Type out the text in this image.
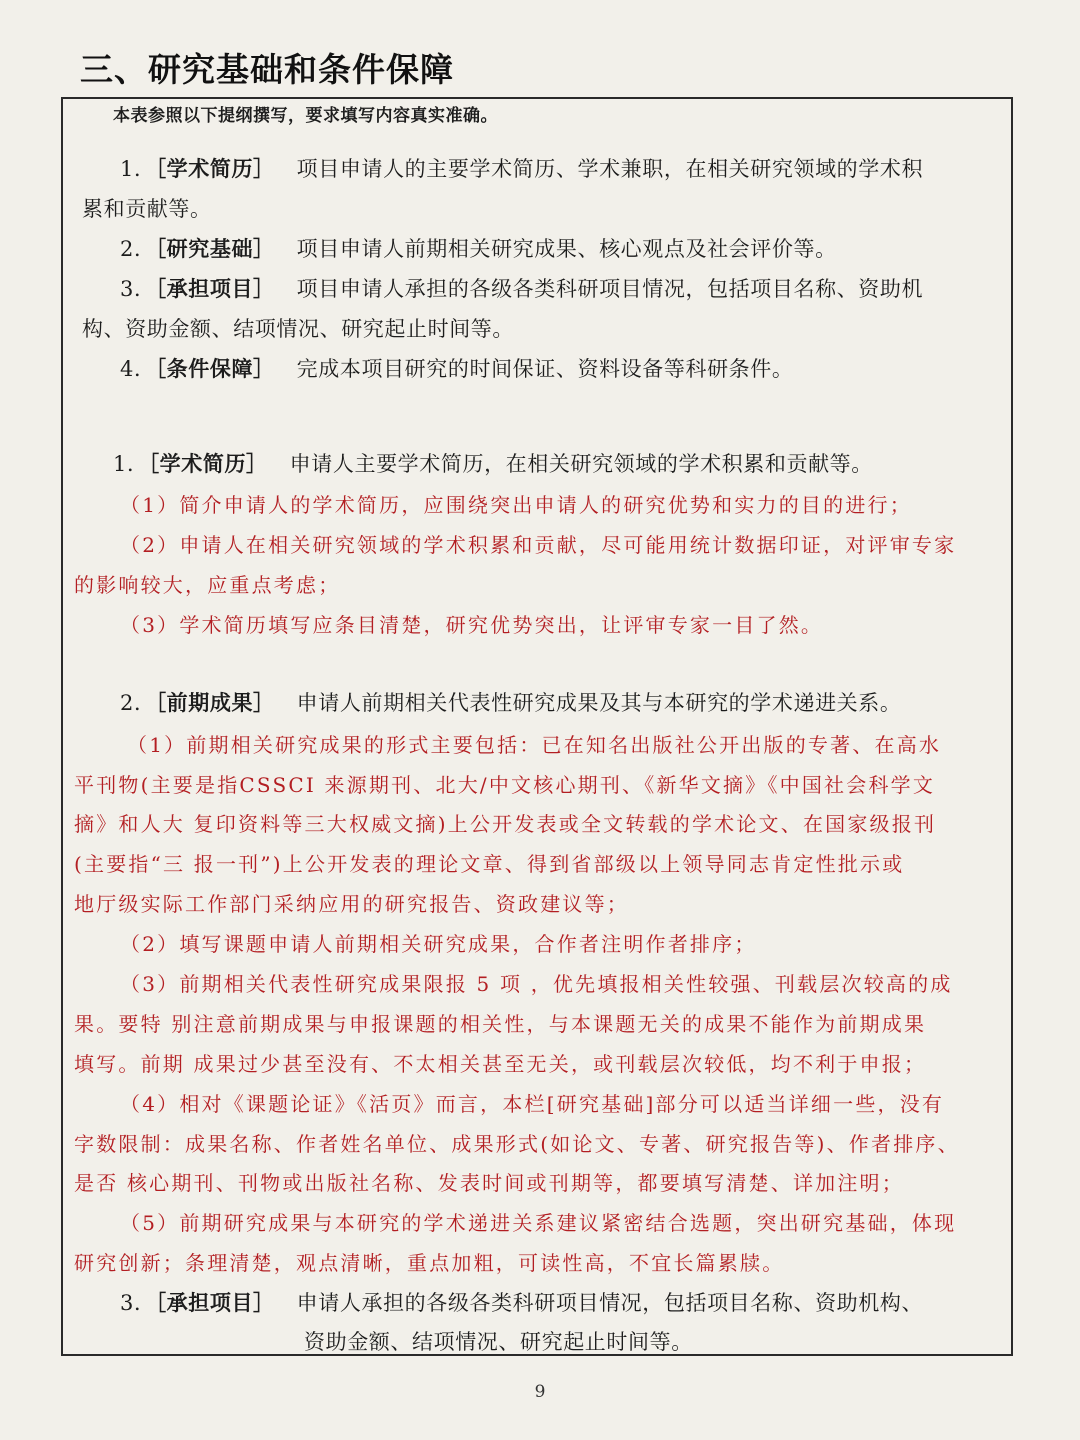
三、研究基础和条件保障
本表参照以下提纲撰写，要求填写内容真实准确。
1．［学术简历］ 项目申请人的主要学术简历、学术兼职，在相关研究领域的学术积
累和贡献等。
2．［研究基础］ 项目申请人前期相关研究成果、核心观点及社会评价等。
3．［承担项目］ 项目申请人承担的各级各类科研项目情况，包括项目名称、资助机
构、资助金额、结项情况、研究起止时间等。
4．［条件保障］ 完成本项目研究的时间保证、资料设备等科研条件。
1．［学术简历］ 申请人主要学术简历，在相关研究领域的学术积累和贡献等。
（1）简介申请人的学术简历，应围绕突出申请人的研究优势和实力的目的进行；
（2）申请人在相关研究领域的学术积累和贡献，尽可能用统计数据印证，对评审专家
的影响较大，应重点考虑；
（3）学术简历填写应条目清楚，研究优势突出，让评审专家一目了然。
2．［前期成果］ 申请人前期相关代表性研究成果及其与本研究的学术递进关系。
（1）前期相关研究成果的形式主要包括：已在知名出版社公开出版的专著、在高水
平刊物(主要是指CSSCI 来源期刊、北大/中文核心期刊、《新华文摘》《中国社会科学文
摘》和人大 复印资料等三大权威文摘)上公开发表或全文转载的学术论文、在国家级报刊
(主要指“三 报一刊”)上公开发表的理论文章、得到省部级以上领导同志肯定性批示或
地厅级实际工作部门采纳应用的研究报告、资政建议等；
（2）填写课题申请人前期相关研究成果，合作者注明作者排序；
（3）前期相关代表性研究成果限报 5 项 ，优先填报相关性较强、刊载层次较高的成
果。要特 别注意前期成果与申报课题的相关性，与本课题无关的成果不能作为前期成果
填写。前期 成果过少甚至没有、不太相关甚至无关，或刊载层次较低，均不利于申报；
（4）相对《课题论证》《活页》而言，本栏[研究基础]部分可以适当详细一些，没有
字数限制：成果名称、作者姓名单位、成果形式(如论文、专著、研究报告等)、作者排序、
是否 核心期刊、刊物或出版社名称、发表时间或刊期等，都要填写清楚、详加注明；
（5）前期研究成果与本研究的学术递进关系建议紧密结合选题，突出研究基础，体现
研究创新；条理清楚，观点清晰，重点加粗，可读性高，不宜长篇累牍。
3．［承担项目］ 申请人承担的各级各类科研项目情况，包括项目名称、资助机构、
资助金额、结项情况、研究起止时间等。
9
